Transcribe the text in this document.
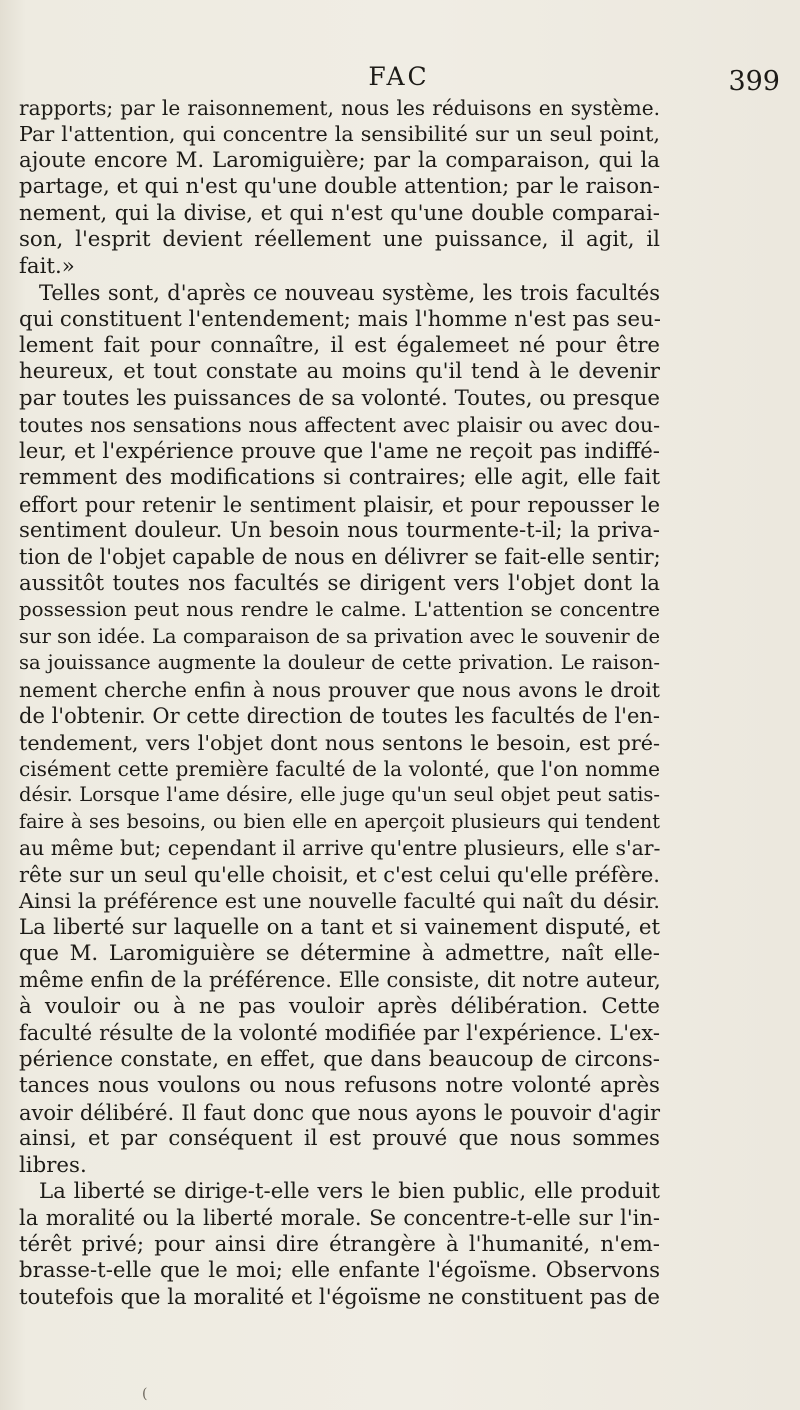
FAC	399
rapports; par le raisonnement, nous les réduisons en système.
Par l'attention, qui concentre la sensibilité sur un seul point,
ajoute encore M. Laromiguière; par la comparaison, qui la
partage, et qui n'est qu'une double attention; par le raison-
nement, qui la divise, et qui n'est qu'une double comparai-
son, l'esprit devient réellement une puissance, il agit, il
fait.»
Telles sont, d'après ce nouveau système, les trois facultés
qui constituent l'entendement; mais l'homme n'est pas seu-
lement fait pour connaître, il est égalemeet né pour être
heureux, et tout constate au moins qu'il tend à le devenir
par toutes les puissances de sa volonté. Toutes, ou presque
toutes nos sensations nous affectent avec plaisir ou avec dou-
leur, et l'expérience prouve que l'ame ne reçoit pas indiffé-
remment des modifications si contraires; elle agit, elle fait
effort pour retenir le sentiment plaisir, et pour repousser le
sentiment douleur. Un besoin nous tourmente-t-il; la priva-
tion de l'objet capable de nous en délivrer se fait-elle sentir;
aussitôt toutes nos facultés se dirigent vers l'objet dont la
possession peut nous rendre le calme. L'attention se concentre
sur son idée. La comparaison de sa privation avec le souvenir de
sa jouissance augmente la douleur de cette privation. Le raison-
nement cherche enfin à nous prouver que nous avons le droit
de l'obtenir. Or cette direction de toutes les facultés de l'en-
tendement, vers l'objet dont nous sentons le besoin, est pré-
cisément cette première faculté de la volonté, que l'on nomme
désir. Lorsque l'ame désire, elle juge qu'un seul objet peut satis-
faire à ses besoins, ou bien elle en aperçoit plusieurs qui tendent
au même but; cependant il arrive qu'entre plusieurs, elle s'ar-
rête sur un seul qu'elle choisit, et c'est celui qu'elle préfère.
Ainsi la préférence est une nouvelle faculté qui naît du désir.
La liberté sur laquelle on a tant et si vainement disputé, et
que M. Laromiguière se détermine à admettre, naît elle-
même enfin de la préférence. Elle consiste, dit notre auteur,
à vouloir ou à ne pas vouloir après délibération. Cette
faculté résulte de la volonté modifiée par l'expérience. L'ex-
périence constate, en effet, que dans beaucoup de circons-
tances nous voulons ou nous refusons notre volonté après
avoir délibéré. Il faut donc que nous ayons le pouvoir d'agir
ainsi, et par conséquent il est prouvé que nous sommes
libres.
La liberté se dirige-t-elle vers le bien public, elle produit
la moralité ou la liberté morale. Se concentre-t-elle sur l'in-
térêt privé; pour ainsi dire étrangère à l'humanité, n'em-
brasse-t-elle que le moi; elle enfante l'égoïsme. Observons
toutefois que la moralité et l'égoïsme ne constituent pas de
(
